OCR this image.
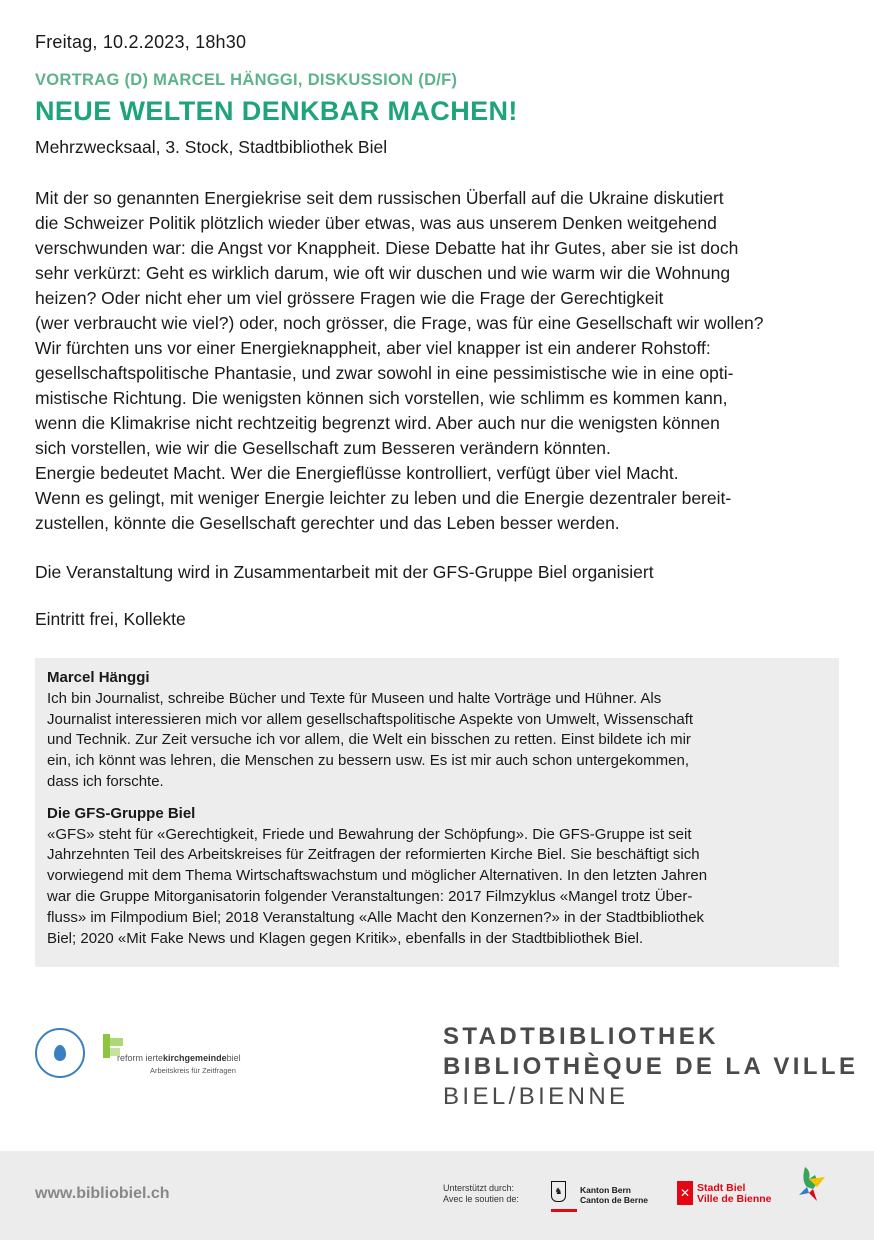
Freitag, 10.2.2023, 18h30
VORTRAG (D) MARCEL HÄNGGI, DISKUSSION (D/F)
NEUE WELTEN DENKBAR MACHEN!
Mehrzwecksaal, 3. Stock, Stadtbibliothek Biel
Mit der so genannten Energiekrise seit dem russischen Überfall auf die Ukraine diskutiert
die Schweizer Politik plötzlich wieder über etwas, was aus unserem Denken weitgehend
verschwunden war: die Angst vor Knappheit. Diese Debatte hat ihr Gutes, aber sie ist doch
sehr verkürzt: Geht es wirklich darum, wie oft wir duschen und wie warm wir die Wohnung
heizen? Oder nicht eher um viel grössere Fragen wie die Frage der Gerechtigkeit
(wer verbraucht wie viel?) oder, noch grösser, die Frage, was für eine Gesellschaft wir wollen?
Wir fürchten uns vor einer Energieknappheit, aber viel knapper ist ein anderer Rohstoff:
gesellschaftspolitische Phantasie, und zwar sowohl in eine pessimistische wie in eine opti-
mistische Richtung. Die wenigsten können sich vorstellen, wie schlimm es kommen kann,
wenn die Klimakrise nicht rechtzeitig begrenzt wird. Aber auch nur die wenigsten können
sich vorstellen, wie wir die Gesellschaft zum Besseren verändern könnten.
Energie bedeutet Macht. Wer die Energieflüsse kontrolliert, verfügt über viel Macht.
Wenn es gelingt, mit weniger Energie leichter zu leben und die Energie dezentraler bereit-
zustellen, könnte die Gesellschaft gerechter und das Leben besser werden.
Die Veranstaltung wird in Zusammentarbeit mit der GFS-Gruppe Biel organisiert
Eintritt frei, Kollekte
Marcel Hänggi
Ich bin Journalist, schreibe Bücher und Texte für Museen und halte Vorträge und Hühner. Als
Journalist interessieren mich vor allem gesellschaftspolitische Aspekte von Umwelt, Wissenschaft
und Technik. Zur Zeit versuche ich vor allem, die Welt ein bisschen zu retten. Einst bildete ich mir
ein, ich könnt was lehren, die Menschen zu bessern usw. Es ist mir auch schon untergekommen,
dass ich forschte.
Die GFS-Gruppe Biel
«GFS» steht für «Gerechtigkeit, Friede und Bewahrung der Schöpfung». Die GFS-Gruppe ist seit
Jahrzehnten Teil des Arbeitskreises für Zeitfragen der reformierten Kirche Biel. Sie beschäftigt sich
vorwiegend mit dem Thema Wirtschaftswachstum und möglicher Alternativen. In den letzten Jahren
war die Gruppe Mitorganisatorin folgender Veranstaltungen: 2017 Filmzyklus «Mangel trotz Über-
fluss» im Filmpodium Biel; 2018 Veranstaltung «Alle Macht den Konzernen?» in der Stadtbibliothek
Biel; 2020 «Mit Fake News und Klagen gegen Kritik», ebenfalls in der Stadtbibliothek Biel.
reform iertekirchgemeindebiel
Arbeitskreis für Zeitfragen
STADTBIBLIOTHEK
BIBLIOTHÈQUE DE LA VILLE
BIEL/BIENNE
www.bibliobiel.ch	Unterstützt durch:
Avec le soutien de:
♞	Kanton Bern
Canton de Berne	✕ Stadt Biel
Ville de Bienne
